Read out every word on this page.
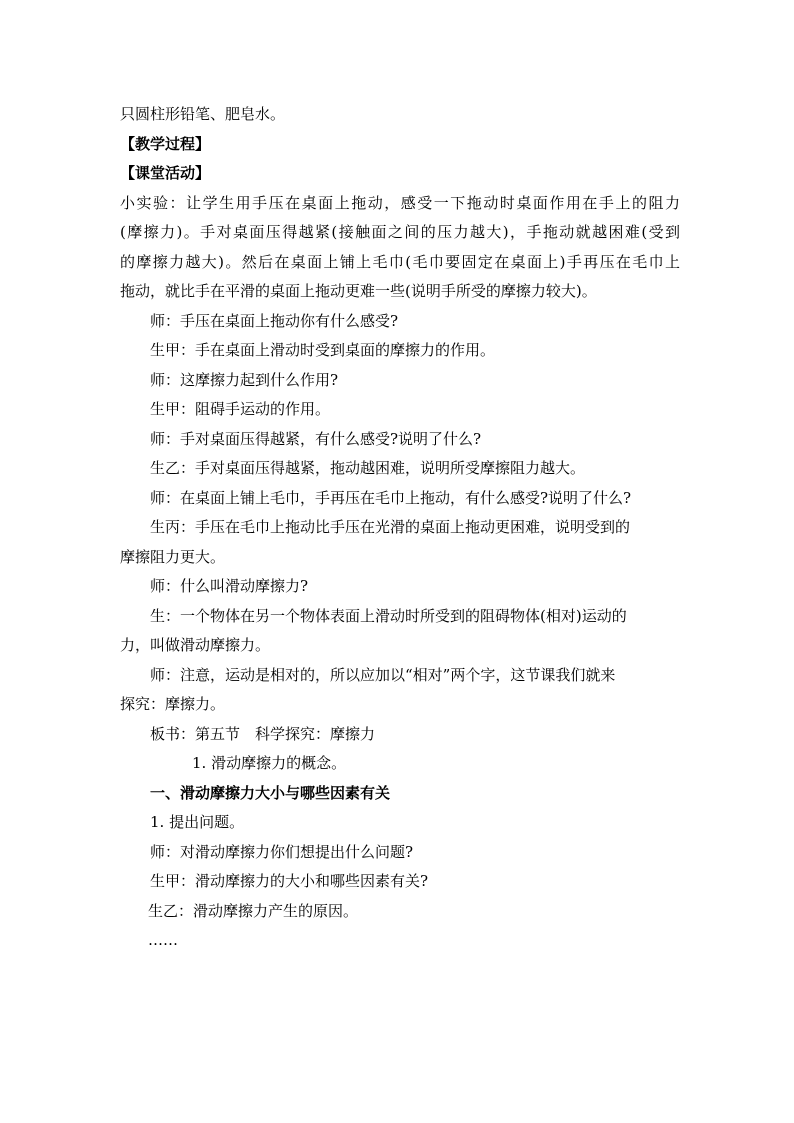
只圆柱形铅笔、肥皂水。
【教学过程】
【课堂活动】
小实验：让学生用手压在桌面上拖动，感受一下拖动时桌面作用在手上的阻力
(摩擦力)。手对桌面压得越紧(接触面之间的压力越大)，手拖动就越困难(受到
的摩擦力越大)。然后在桌面上铺上毛巾(毛巾要固定在桌面上)手再压在毛巾上
拖动，就比手在平滑的桌面上拖动更难一些(说明手所受的摩擦力较大)。
师：手压在桌面上拖动你有什么感受?
生甲：手在桌面上滑动时受到桌面的摩擦力的作用。
师：这摩擦力起到什么作用?
生甲：阻碍手运动的作用。
师：手对桌面压得越紧，有什么感受?说明了什么?
生乙：手对桌面压得越紧，拖动越困难，说明所受摩擦阻力越大。
师：在桌面上铺上毛巾，手再压在毛巾上拖动，有什么感受?说明了什么?
生丙：手压在毛巾上拖动比手压在光滑的桌面上拖动更困难，说明受到的
摩擦阻力更大。
师：什么叫滑动摩擦力?
生：一个物体在另一个物体表面上滑动时所受到的阻碍物体(相对)运动的
力，叫做滑动摩擦力。
师：注意，运动是相对的，所以应加以“相对”两个字，这节课我们就来
探究：摩擦力。
板书：第五节　科学探究：摩擦力
1. 滑动摩擦力的概念。
一、滑动摩擦力大小与哪些因素有关
1. 提出问题。
师：对滑动摩擦力你们想提出什么问题?
生甲：滑动摩擦力的大小和哪些因素有关?
生乙：滑动摩擦力产生的原因。
……
